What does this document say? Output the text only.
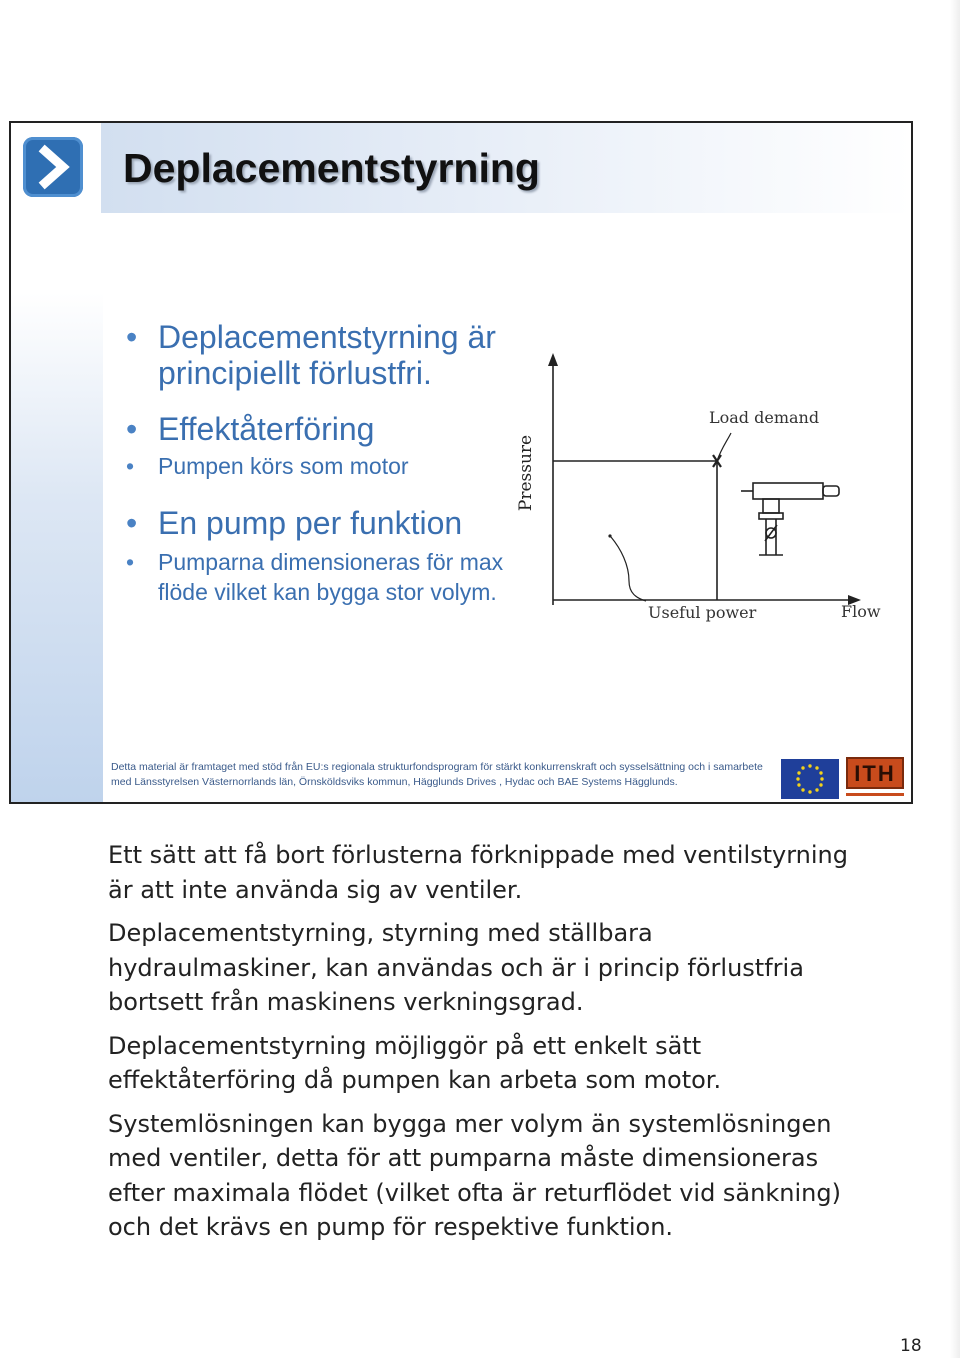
Deplacementstyrning

• Deplacementstyrning är principiellt förlustfri.

• Effektåterföring

• Pumpen körs som motor

• En pump per funktion

• Pumparna dimensioneras för max flöde vilket kan bygga stor volym.

Pressure
Flow
Load demand
Useful power
Detta material är framtaget med stöd från EU:s regionala strukturfondsprogram för stärkt konkurrenskraft och sysselsättning och i samarbete med Länsstyrelsen Västernorrlands län, Örnsköldsviks kommun, Hägglunds Drives , Hydac och BAE Systems Hägglunds.	ITH

Ett sätt att få bort förlusterna förknippade med ventilstyrning är att inte använda sig av ventiler.

Deplacementstyrning, styrning med ställbara hydraulmaskiner, kan användas och är i princip förlustfria bortsett från maskinens verkningsgrad.

Deplacementstyrning möjliggör på ett enkelt sätt effektåterföring då pumpen kan arbeta som motor.

Systemlösningen kan bygga mer volym än systemlösningen med ventiler, detta för att pumparna måste dimensioneras efter maximala flödet (vilket ofta är returflödet vid sänkning) och det krävs en pump för respektive funktion.

18
